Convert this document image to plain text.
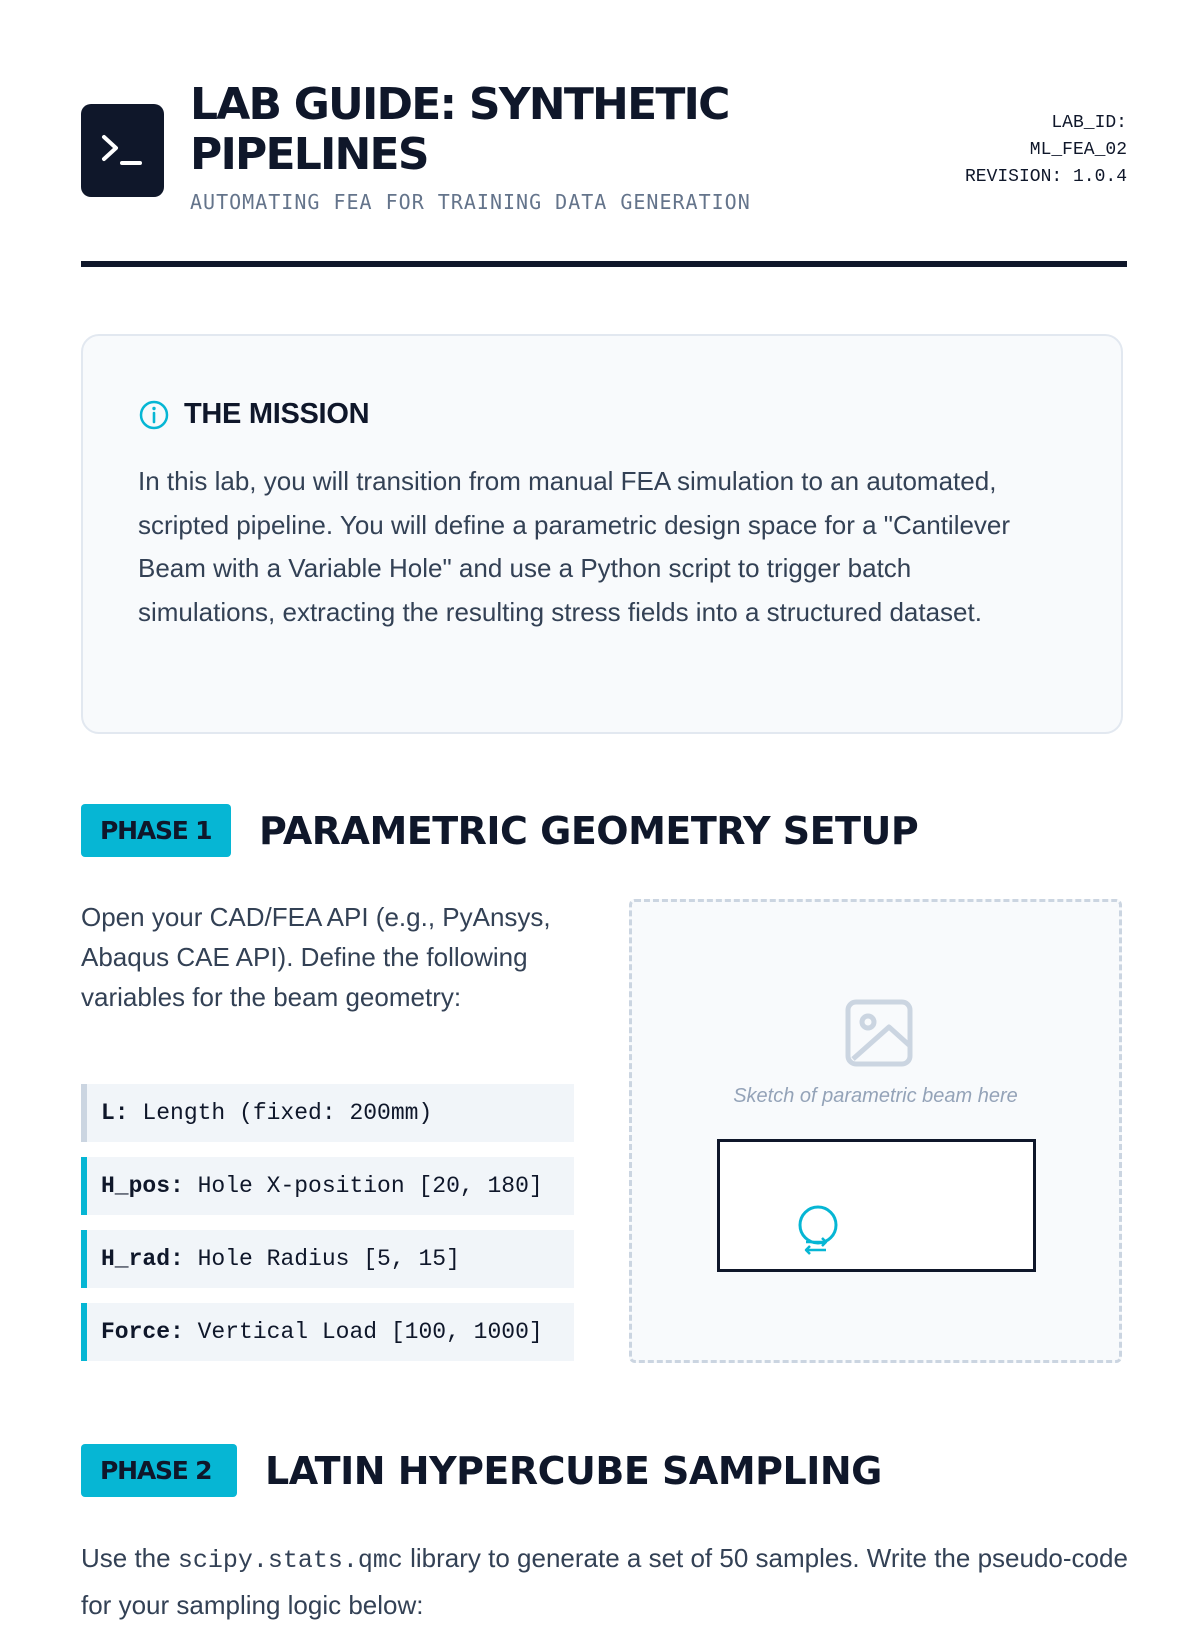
LAB GUIDE: SYNTHETIC PIPELINES
AUTOMATING FEA FOR TRAINING DATA GENERATION
LAB_ID:
ML_FEA_02
REVISION: 1.0.4
THE MISSION

In this lab, you will transition from manual FEA simulation to an automated, scripted pipeline. You will define a parametric design space for a "Cantilever Beam with a Variable Hole" and use a Python script to trigger batch simulations, extracting the resulting stress fields into a structured dataset.

PHASE 1	PARAMETRIC GEOMETRY SETUP

Open your CAD/FEA API (e.g., PyAnsys, Abaqus CAE API). Define the following variables for the beam geometry:

L: Length (fixed: 200mm)
H_pos: Hole X-position [20, 180]
H_rad: Hole Radius [5, 15]
Force: Vertical Load [100, 1000]
Sketch of parametric beam here
PHASE 2	LATIN HYPERCUBE SAMPLING

Use the scipy.stats.qmc library to generate a set of 50 samples. Write the pseudo-code for your sampling logic below:
